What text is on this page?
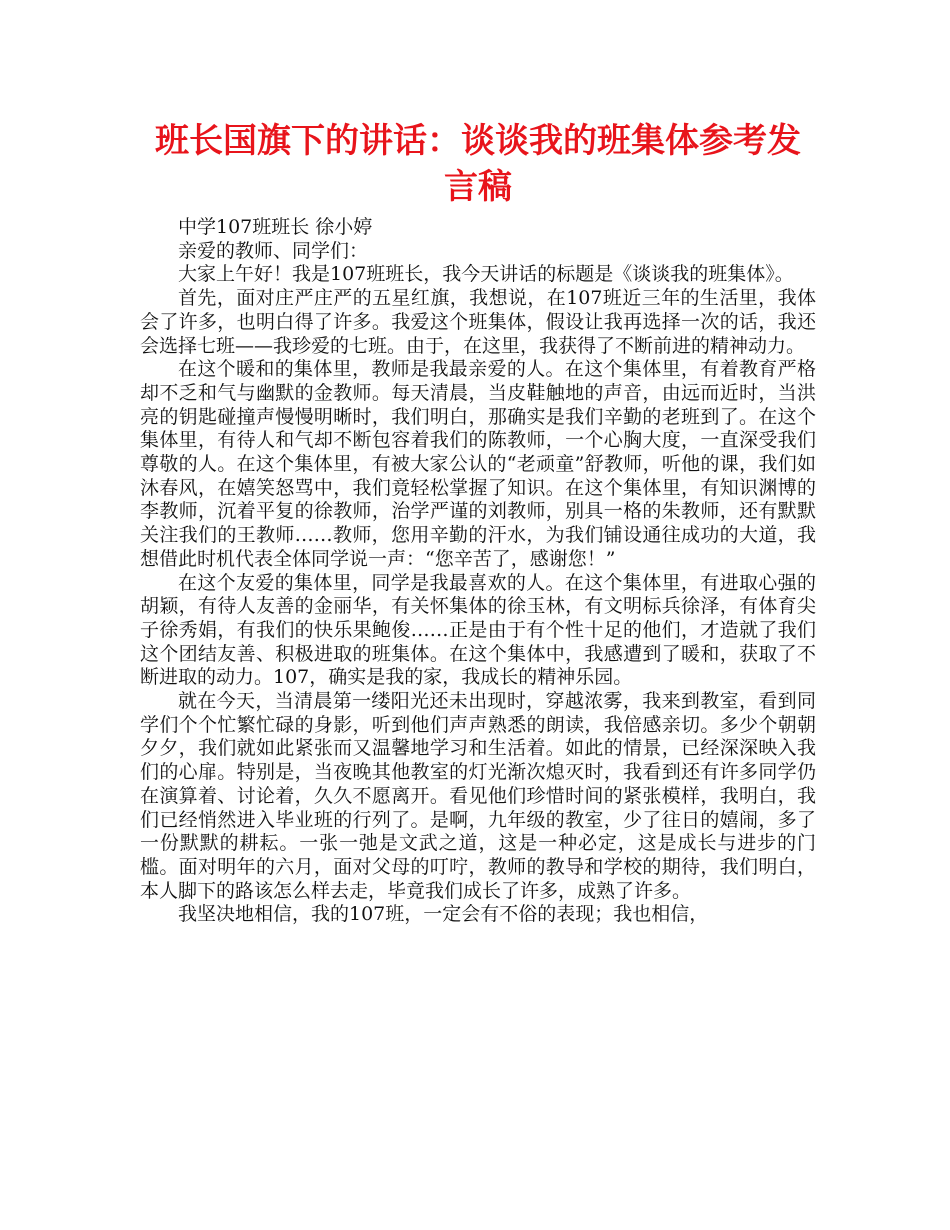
班长国旗下的讲话：谈谈我的班集体参考发言稿

中学107班班长 徐小婷

亲爱的教师、同学们：

大家上午好！我是107班班长，我今天讲话的标题是《谈谈我的班集体》。

首先，面对庄严庄严的五星红旗，我想说，在107班近三年的生活里，我体会了许多，也明白得了许多。我爱这个班集体，假设让我再选择一次的话，我还会选择七班——我珍爱的七班。由于，在这里，我获得了不断前进的精神动力。

在这个暖和的集体里，教师是我最亲爱的人。在这个集体里，有着教育严格却不乏和气与幽默的金教师。每天清晨，当皮鞋触地的声音，由远而近时，当洪亮的钥匙碰撞声慢慢明晰时，我们明白，那确实是我们辛勤的老班到了。在这个集体里，有待人和气却不断包容着我们的陈教师，一个心胸大度，一直深受我们尊敬的人。在这个集体里，有被大家公认的“老顽童”舒教师，听他的课，我们如沐春风，在嬉笑怒骂中，我们竟轻松掌握了知识。在这个集体里，有知识渊博的李教师，沉着平复的徐教师，治学严谨的刘教师，别具一格的朱教师，还有默默关注我们的王教师……教师，您用辛勤的汗水，为我们铺设通往成功的大道，我想借此时机代表全体同学说一声：“您辛苦了，感谢您！”

在这个友爱的集体里，同学是我最喜欢的人。在这个集体里，有进取心强的胡颖，有待人友善的金丽华，有关怀集体的徐玉林，有文明标兵徐泽，有体育尖子徐秀娟，有我们的快乐果鲍俊……正是由于有个性十足的他们，才造就了我们这个团结友善、积极进取的班集体。在这个集体中，我感遭到了暖和，获取了不断进取的动力。107，确实是我的家，我成长的精神乐园。

就在今天，当清晨第一缕阳光还未出现时，穿越浓雾，我来到教室，看到同学们个个忙繁忙碌的身影，听到他们声声熟悉的朗读，我倍感亲切。多少个朝朝夕夕，我们就如此紧张而又温馨地学习和生活着。如此的情景，已经深深映入我们的心扉。特别是，当夜晚其他教室的灯光渐次熄灭时，我看到还有许多同学仍在演算着、讨论着，久久不愿离开。看见他们珍惜时间的紧张模样，我明白，我们已经悄然进入毕业班的行列了。是啊，九年级的教室，少了往日的嬉闹，多了一份默默的耕耘。一张一弛是文武之道，这是一种必定，这是成长与进步的门槛。面对明年的六月，面对父母的叮咛，教师的教导和学校的期待，我们明白，本人脚下的路该怎么样去走，毕竟我们成长了许多，成熟了许多。

我坚决地相信，我的107班，一定会有不俗的表现；我也相信，
